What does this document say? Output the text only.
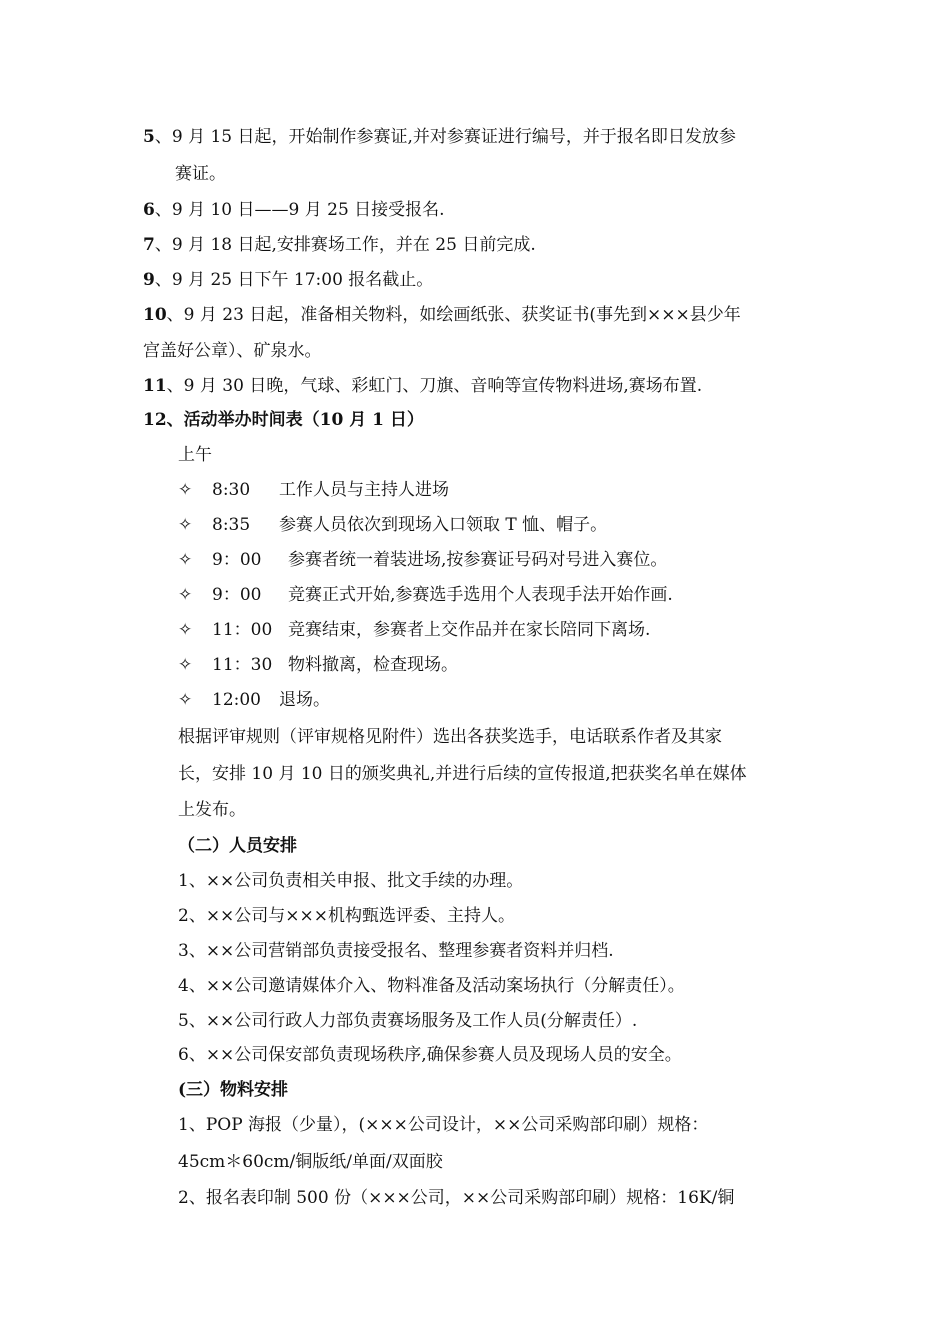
5、9 月 15 日起，开始制作参赛证,并对参赛证进行编号，并于报名即日发放参
赛证。
6、9 月 10 日——9 月 25 日接受报名.
7、9 月 18 日起,安排赛场工作，并在 25 日前完成.
9、9 月 25 日下午 17:00 报名截止。
10、9 月 23 日起，准备相关物料，如绘画纸张、获奖证书(事先到×××县少年
宫盖好公章）、矿泉水。
11、9 月 30 日晚，气球、彩虹门、刀旗、音响等宣传物料进场,赛场布置.
12、活动举办时间表（10 月 1 日）
上午
✧ 8:30 工作人员与主持人进场
✧ 8:35 参赛人员依次到现场入口领取 T 恤、帽子。
✧ 9：00 参赛者统一着装进场,按参赛证号码对号进入赛位。
✧ 9：00 竞赛正式开始,参赛选手选用个人表现手法开始作画.
✧ 11：00 竞赛结束，参赛者上交作品并在家长陪同下离场.
✧ 11：30 物料撤离，检查现场。
✧ 12:00 退场。
根据评审规则（评审规格见附件）选出各获奖选手，电话联系作者及其家
长，安排 10 月 10 日的颁奖典礼,并进行后续的宣传报道,把获奖名单在媒体
上发布。
（二）人员安排
1、××公司负责相关申报、批文手续的办理。
2、××公司与×××机构甄选评委、主持人。
3、××公司营销部负责接受报名、整理参赛者资料并归档.
4、××公司邀请媒体介入、物料准备及活动案场执行（分解责任）。
5、××公司行政人力部负责赛场服务及工作人员(分解责任）.
6、××公司保安部负责现场秩序,确保参赛人员及现场人员的安全。
(三）物料安排
1、POP 海报（少量），(×××公司设计，××公司采购部印刷）规格：
45cm＊60cm/铜版纸/单面/双面胶
2、报名表印制 500 份（×××公司，××公司采购部印刷）规格：16K/铜
